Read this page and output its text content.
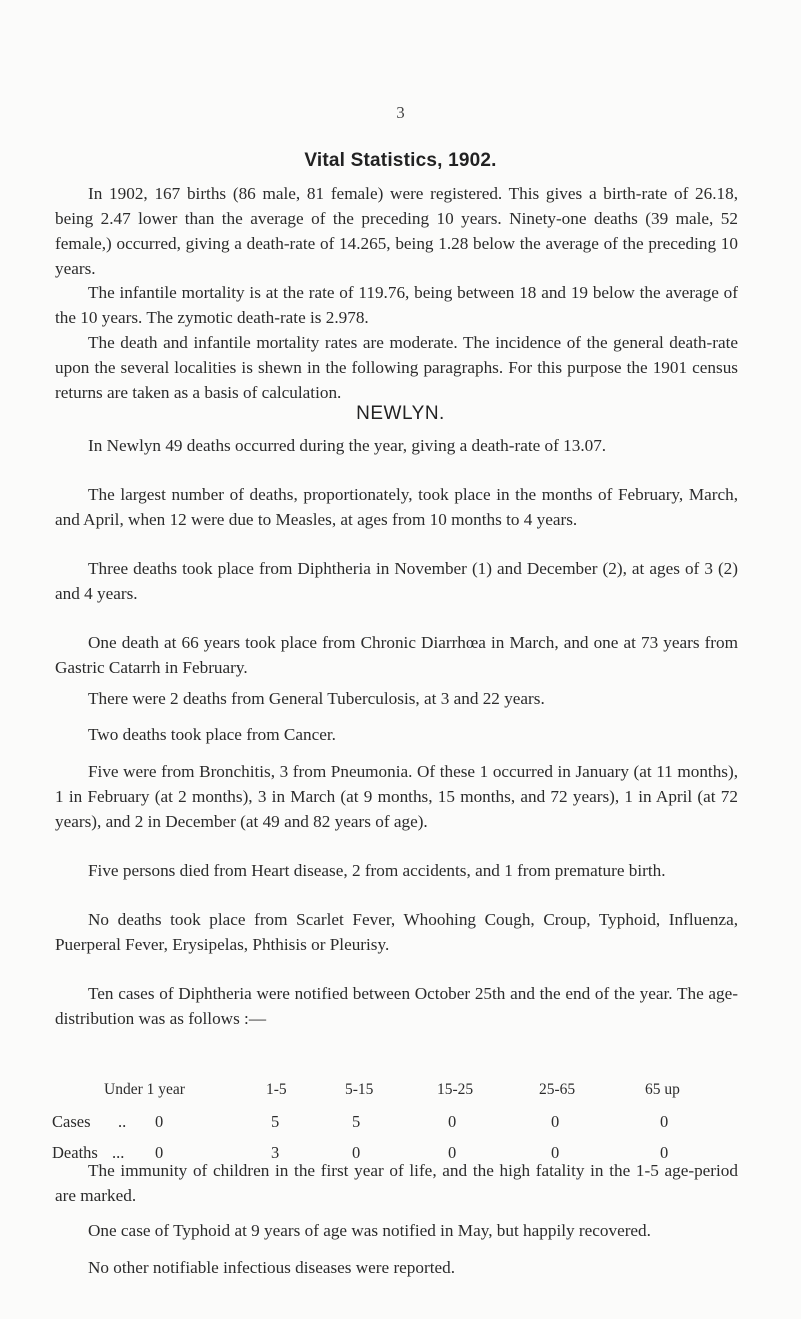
3
Vital Statistics, 1902.

In 1902, 167 births (86 male, 81 female) were registered. This gives a birth-rate of 26.18, being 2.47 lower than the average of the preceding 10 years. Ninety-one deaths (39 male, 52 female,) occurred, giving a death-rate of 14.265, being 1.28 below the average of the preceding 10 years.

The infantile mortality is at the rate of 119.76, being between 18 and 19 below the average of the 10 years. The zymotic death-rate is 2.978.

The death and infantile mortality rates are moderate. The incidence of the general death-rate upon the several localities is shewn in the following paragraphs. For this purpose the 1901 census returns are taken as a basis of calculation.

NEWLYN.

In Newlyn 49 deaths occurred during the year, giving a death-rate of 13.07.

The largest number of deaths, proportionately, took place in the months of February, March, and April, when 12 were due to Measles, at ages from 10 months to 4 years.

Three deaths took place from Diphtheria in November (1) and December (2), at ages of 3 (2) and 4 years.

One death at 66 years took place from Chronic Diarrhœa in March, and one at 73 years from Gastric Catarrh in February.

There were 2 deaths from General Tuberculosis, at 3 and 22 years.

Two deaths took place from Cancer.

Five were from Bronchitis, 3 from Pneumonia. Of these 1 occurred in January (at 11 months), 1 in February (at 2 months), 3 in March (at 9 months, 15 months, and 72 years), 1 in April (at 72 years), and 2 in December (at 49 and 82 years of age).

Five persons died from Heart disease, 2 from accidents, and 1 from premature birth.

No deaths took place from Scarlet Fever, Whoohing Cough, Croup, Typhoid, Influenza, Puerperal Fever, Erysipelas, Phthisis or Pleurisy.

Ten cases of Diphtheria were notified between October 25th and the end of the year. The age-distribution was as follows :—

Under 1 year	1-5	5-15	15-25	25-65	65 up
Cases .. 0	5	5	0	0	0
Deaths ... 0	3	0	0	0	0

The immunity of children in the first year of life, and the high fatality in the 1-5 age-period are marked.

One case of Typhoid at 9 years of age was notified in May, but happily recovered.

No other notifiable infectious diseases were reported.
